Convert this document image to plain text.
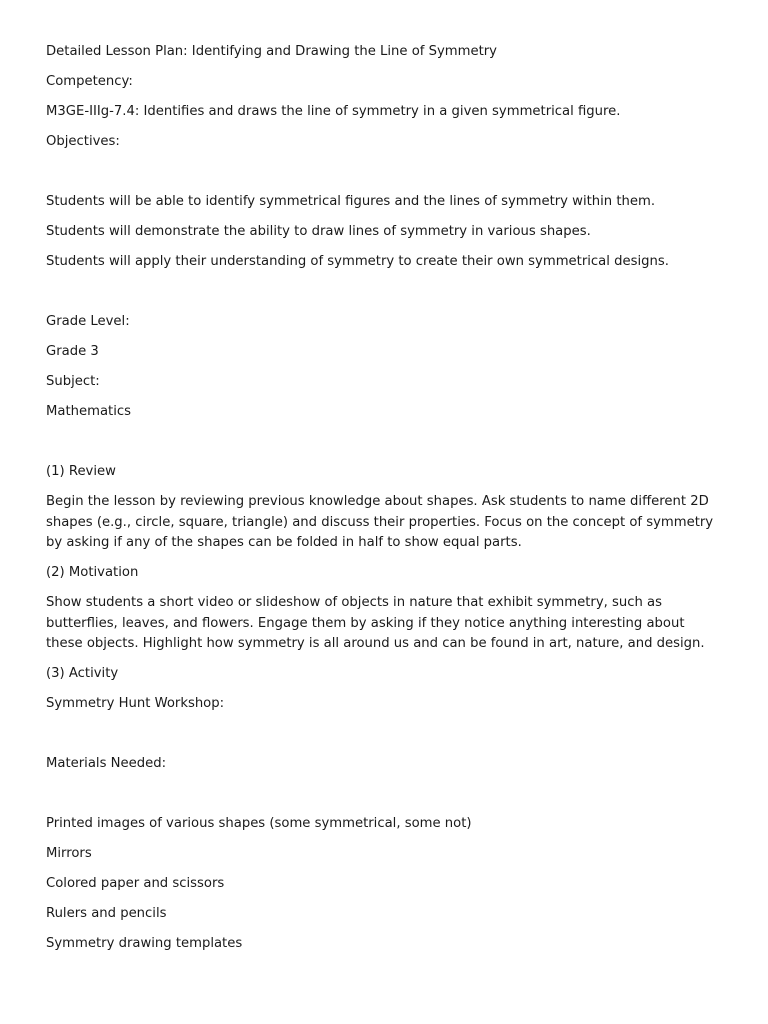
Detailed Lesson Plan: Identifying and Drawing the Line of Symmetry

Competency:

M3GE-IIIg-7.4: Identifies and draws the line of symmetry in a given symmetrical figure.

Objectives:

Students will be able to identify symmetrical figures and the lines of symmetry within them.

Students will demonstrate the ability to draw lines of symmetry in various shapes.

Students will apply their understanding of symmetry to create their own symmetrical designs.

Grade Level:

Grade 3

Subject:

Mathematics

(1) Review

Begin the lesson by reviewing previous knowledge about shapes. Ask students to name different 2D shapes (e.g., circle, square, triangle) and discuss their properties. Focus on the concept of symmetry by asking if any of the shapes can be folded in half to show equal parts.

(2) Motivation

Show students a short video or slideshow of objects in nature that exhibit symmetry, such as butterflies, leaves, and flowers. Engage them by asking if they notice anything interesting about these objects. Highlight how symmetry is all around us and can be found in art, nature, and design.

(3) Activity

Symmetry Hunt Workshop:

Materials Needed:

Printed images of various shapes (some symmetrical, some not)

Mirrors

Colored paper and scissors

Rulers and pencils

Symmetry drawing templates
